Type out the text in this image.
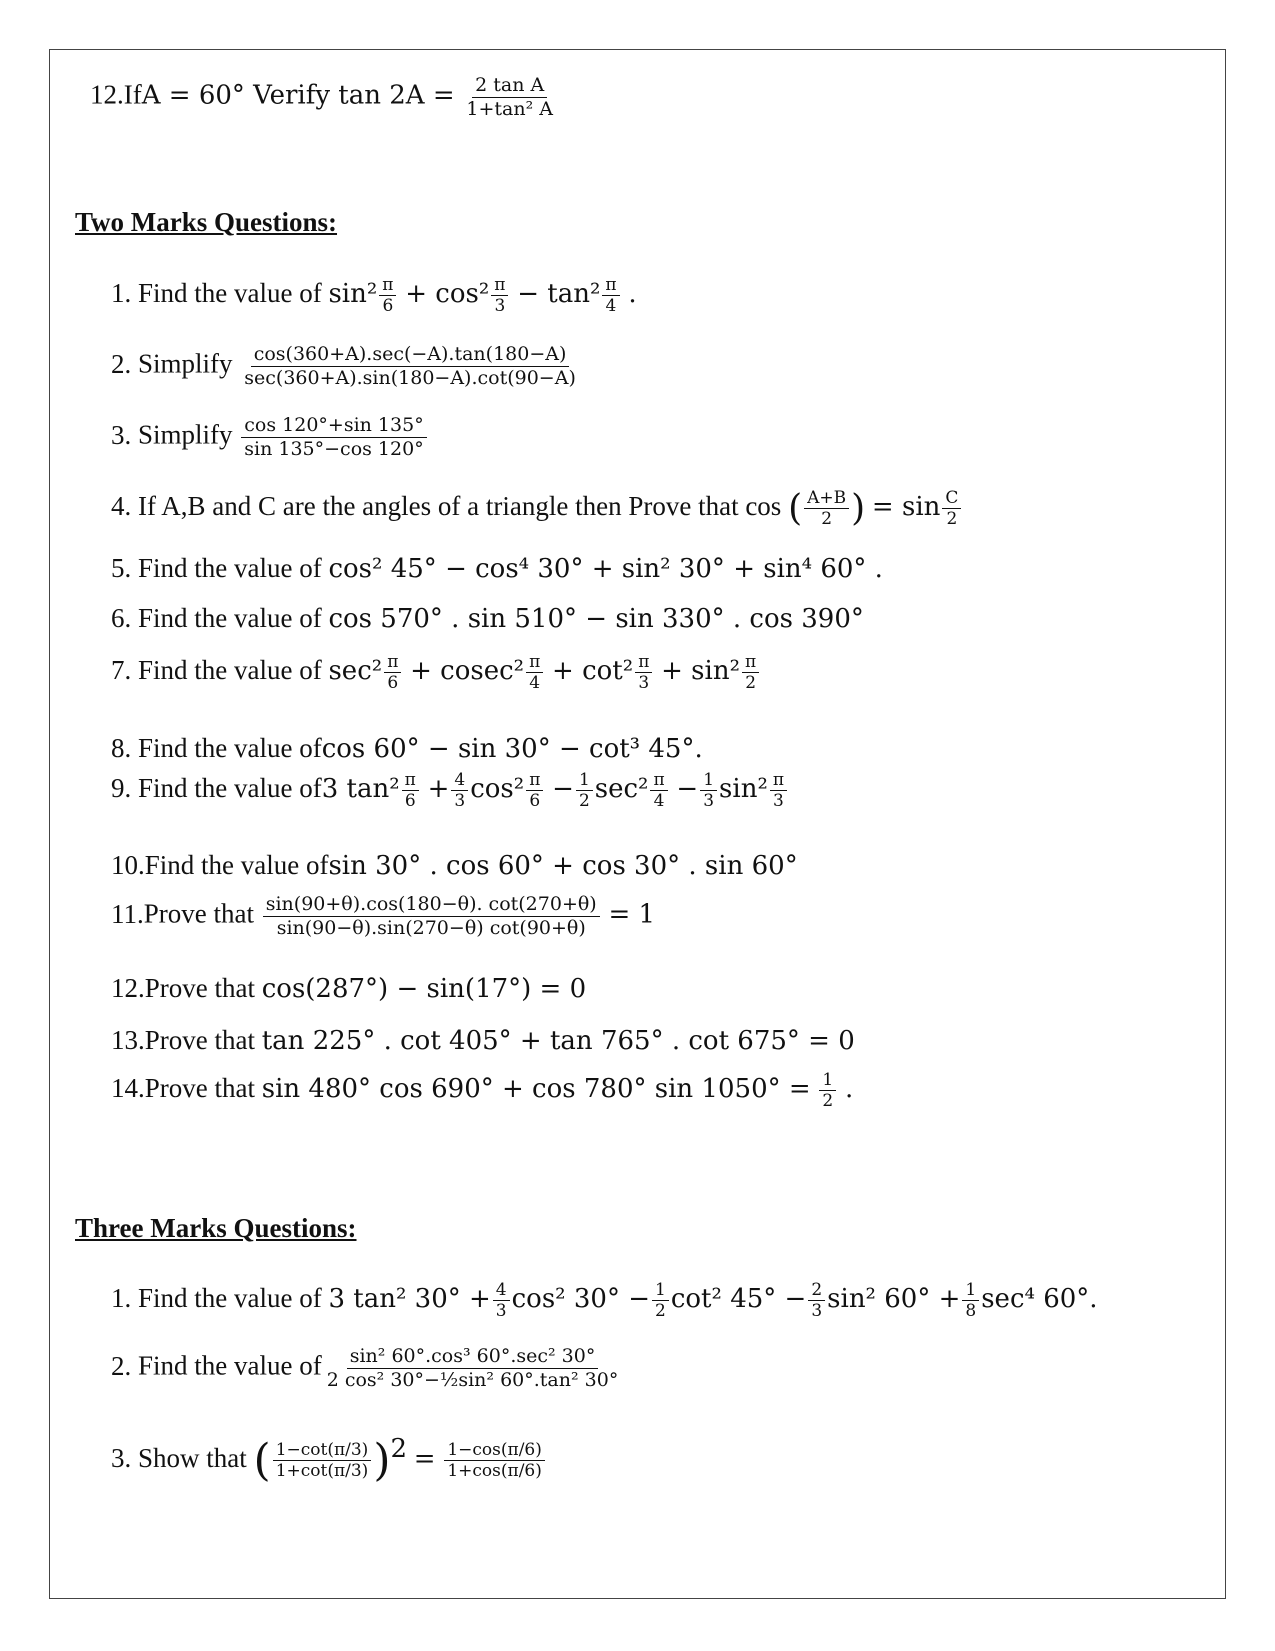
12.IfA = 60° Verify $\tan 2A = \frac{\text{2 tan A}}{\text{1+tan² A}}$
Two Marks Questions:
1. Find the value of $\sin^2 \frac{\pi}{6} + \cos^2 \frac{\pi}{3} - \tan^2 \frac{\pi}{4}$ .
2. Simplify cos(360+A).sec(−A).tan(180−A)
sec(360+A).sin(180−A).cot(90−A)
3. Simplify $\frac{\cos 120^\circ+\sin 135^\circ}{\sin 135^\circ-\cos 120^\circ}$
4. If A,B and C are the angles of a triangle then Prove that cos ( $\frac{A+B}{2}$ ) = $\sin \frac{C}{2}$
5. Find the value of cos² 45° − cos⁴ 30° + sin² 30° + sin⁴ 60° .
6. Find the value of cos 570° . sin 510° − sin 330° . cos 390°
7. Find the value of $\sec^2 \frac{\pi}{6} + cosec^2 \frac{\pi}{4} + \cot^2 \frac{\pi}{3} + \sin^2 \frac{\pi}{2}$
8. Find the value ofcos 60° − sin 30° − cot³ 45°.
9. Find the value of3 $\tan^2 \frac{\pi}{6} + \frac{4}{3} \cos^2 \frac{\pi}{6} - \frac{1}{2} \sec^2 \frac{\pi}{4} - \frac{1}{3} \sin^2 \frac{\pi}{3}$
10.Find the value ofsin 30° . cos 60° + cos 30° . sin 60°
11.Prove that $\frac{\sin(90+\theta).\cos(180-\theta). \cot(270+\theta)}{\sin(90-\theta).\sin(270-\theta) \cot(90+\theta)} = 1$
12.Prove that cos(287°) − sin(17°) = 0
13.Prove that tan 225° . cot 405° + tan 765° . cot 675° = 0
14.Prove that sin 480° cos 690° + cos 780° $\sin 1050^\circ = \frac{1}{2}$ .
Three Marks Questions:
1. Find the value of 3 tan² $30^\circ + \frac{4}{3} \cos^2$ $30^\circ - \frac{1}{2} \cot^2$ $45^\circ - \frac{2}{3} \sin^2$ $60^\circ + \frac{1}{8} \sec^4$ 60°.
2. Find the value of sin² 60°.cos³ 60°.sec² 30°
2 cos² 30°−½sin² 60°.tan² 30°
3. Show that ( $\frac{1-\cot(\pi/3)}{1+\cot(\pi/3)} )^2 = \frac{1-\cos(\pi/6)}{1+\cos(\pi/6)}$
